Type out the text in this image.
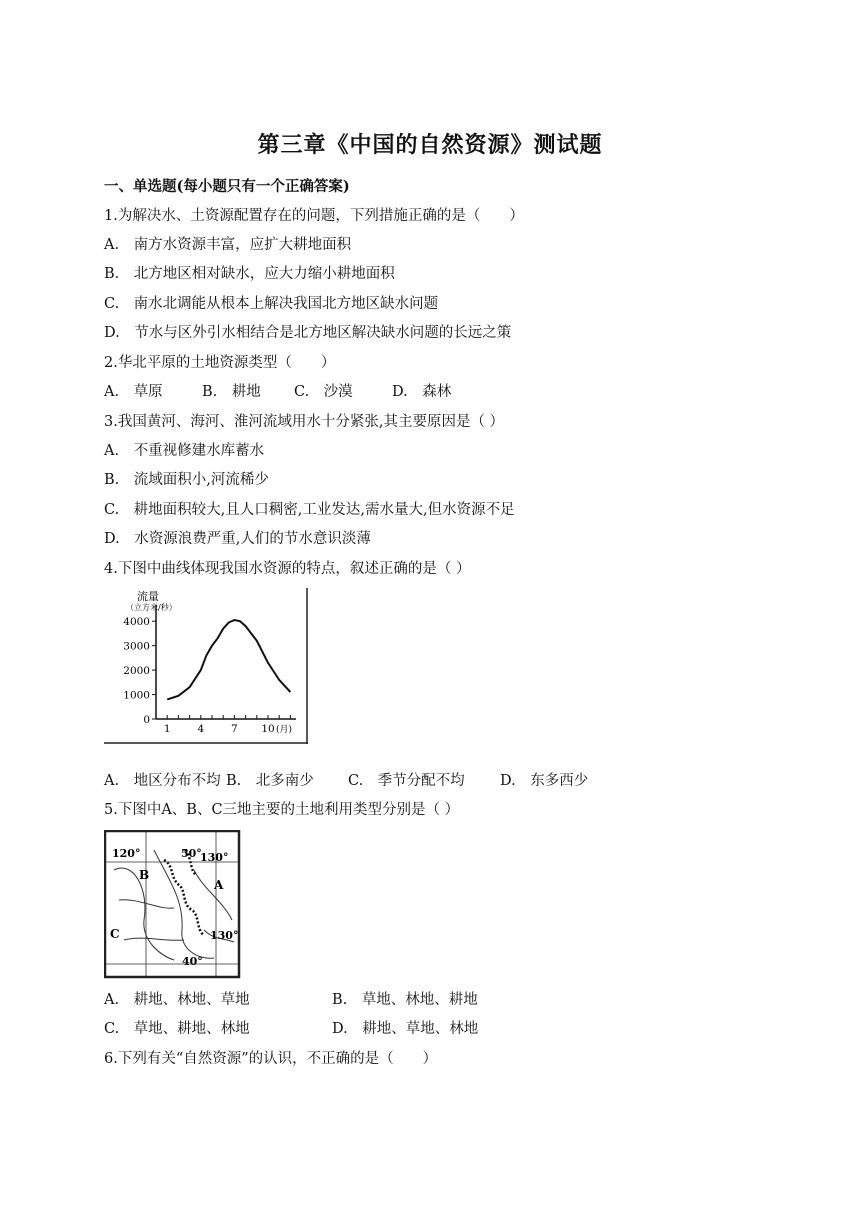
第三章《中国的自然资源》测试题
一、单选题(每小题只有一个正确答案)
1.为解决水、土资源配置存在的问题，下列措施正确的是（　　）
A.　南方水资源丰富，应扩大耕地面积
B.　北方地区相对缺水，应大力缩小耕地面积
C.　南水北调能从根本上解决我国北方地区缺水问题
D.　节水与区外引水相结合是北方地区解决缺水问题的长远之策
2.华北平原的土地资源类型（　　）
A.　草原	B.　耕地 C.　沙漠	D.　森林
3.我国黄河、海河、淮河流域用水十分紧张,其主要原因是（ ）
A.　不重视修建水库蓄水
B.　流域面积小,河流稀少
C.　耕地面积较大,且人口稠密,工业发达,需水量大,但水资源不足
D.　水资源浪费严重,人们的节水意识淡薄
4.下图中曲线体现我国水资源的特点，叙述正确的是（ ）
流量
（立方米/秒）
0
1000
2000
3000
4000
1	4	7 10 (月)
A.　地区分布不均 B.　北多南少 C.　季节分配不均 D.　东多西少
5.下图中A、B、C三地主要的土地利用类型分别是（ ）
120°	50°
130°
A
B
C	130°
40°
A.　耕地、林地、草地	B.　草地、林地、耕地
C.　草地、耕地、林地	D.　耕地、草地、林地
6.下列有关“自然资源”的认识，不正确的是（　　）
